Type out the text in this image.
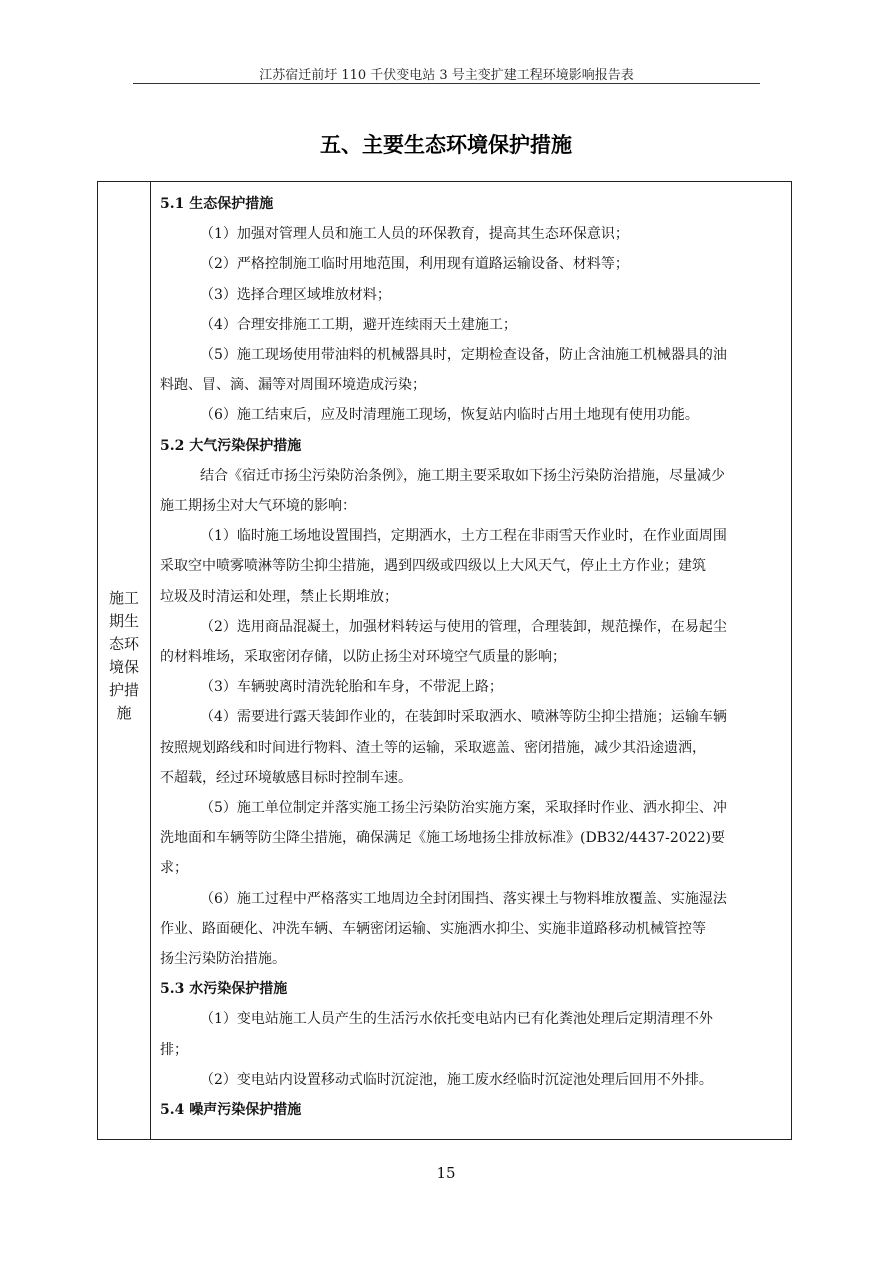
江苏宿迁前圩 110 千伏变电站 3 号主变扩建工程环境影响报告表
五、主要生态环境保护措施
施工
期生
态环
境保
护措
施
5.1 生态保护措施
（1）加强对管理人员和施工人员的环保教育，提高其生态环保意识；
（2）严格控制施工临时用地范围，利用现有道路运输设备、材料等；
（3）选择合理区域堆放材料；
（4）合理安排施工工期，避开连续雨天土建施工；
（5）施工现场使用带油料的机械器具时，定期检查设备，防止含油施工机械器具的油
料跑、冒、滴、漏等对周围环境造成污染；
（6）施工结束后，应及时清理施工现场，恢复站内临时占用土地现有使用功能。
5.2 大气污染保护措施
结合《宿迁市扬尘污染防治条例》，施工期主要采取如下扬尘污染防治措施，尽量减少
施工期扬尘对大气环境的影响：
（1）临时施工场地设置围挡，定期洒水，土方工程在非雨雪天作业时，在作业面周围
采取空中喷雾喷淋等防尘抑尘措施，遇到四级或四级以上大风天气，停止土方作业；建筑
垃圾及时清运和处理，禁止长期堆放；
（2）选用商品混凝土，加强材料转运与使用的管理，合理装卸，规范操作，在易起尘
的材料堆场，采取密闭存储，以防止扬尘对环境空气质量的影响；
（3）车辆驶离时清洗轮胎和车身，不带泥上路；
（4）需要进行露天装卸作业的，在装卸时采取洒水、喷淋等防尘抑尘措施；运输车辆
按照规划路线和时间进行物料、渣土等的运输，采取遮盖、密闭措施，减少其沿途遗洒，
不超载，经过环境敏感目标时控制车速。
（5）施工单位制定并落实施工扬尘污染防治实施方案，采取择时作业、洒水抑尘、冲
洗地面和车辆等防尘降尘措施，确保满足《施工场地扬尘排放标准》(DB32/4437-2022)要
求；
（6）施工过程中严格落实工地周边全封闭围挡、落实裸土与物料堆放覆盖、实施湿法
作业、路面硬化、冲洗车辆、车辆密闭运输、实施洒水抑尘、实施非道路移动机械管控等
扬尘污染防治措施。
5.3 水污染保护措施
（1）变电站施工人员产生的生活污水依托变电站内已有化粪池处理后定期清理不外
排；
（2）变电站内设置移动式临时沉淀池，施工废水经临时沉淀池处理后回用不外排。
5.4 噪声污染保护措施
15
